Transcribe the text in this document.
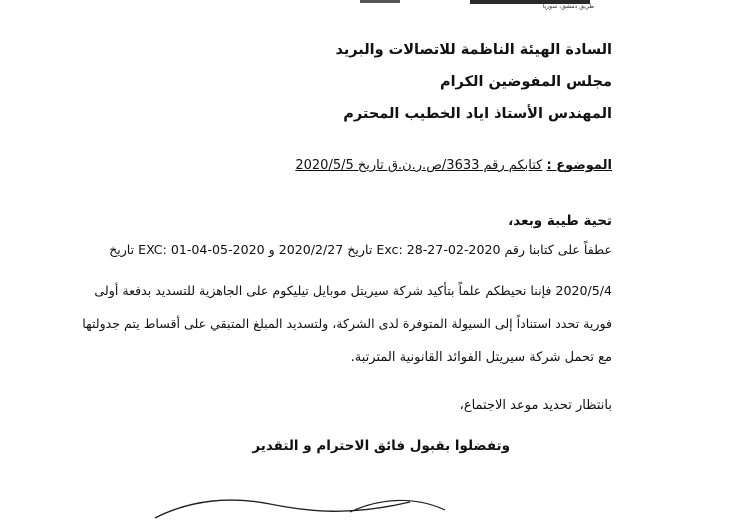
طريق دمشق، سوريا
السادة الهيئة الناظمة للاتصالات والبريد
مجلس المفوضين الكرام
المهندس الأستاذ اياد الخطيب المحترم
الموضوع : كتابكم رقم 3633/ص.ر.ن.ق تاريخ 2020/5/5
تحية طيبة وبعد،
عطفاً على كتابنا رقم Exc: 28-27-02-2020 تاريخ 2020/2/27 و EXC: 01-04-05-2020 تاريخ
2020/5/4 فإننا نحيطكم علماً بتأكيد شركة سيريتل موبايل تيليكوم على الجاهزية للتسديد بدفعة أولى
فورية تحدد استناداً إلى السيولة المتوفرة لدى الشركة، ولتسديد المبلغ المتبقي على أقساط يتم جدولتها
مع تحمل شركة سيريتل الفوائد القانونية المترتبة.
بانتظار تحديد موعد الاجتماع،
وتفضلوا بقبول فائق الاحترام و التقدير
